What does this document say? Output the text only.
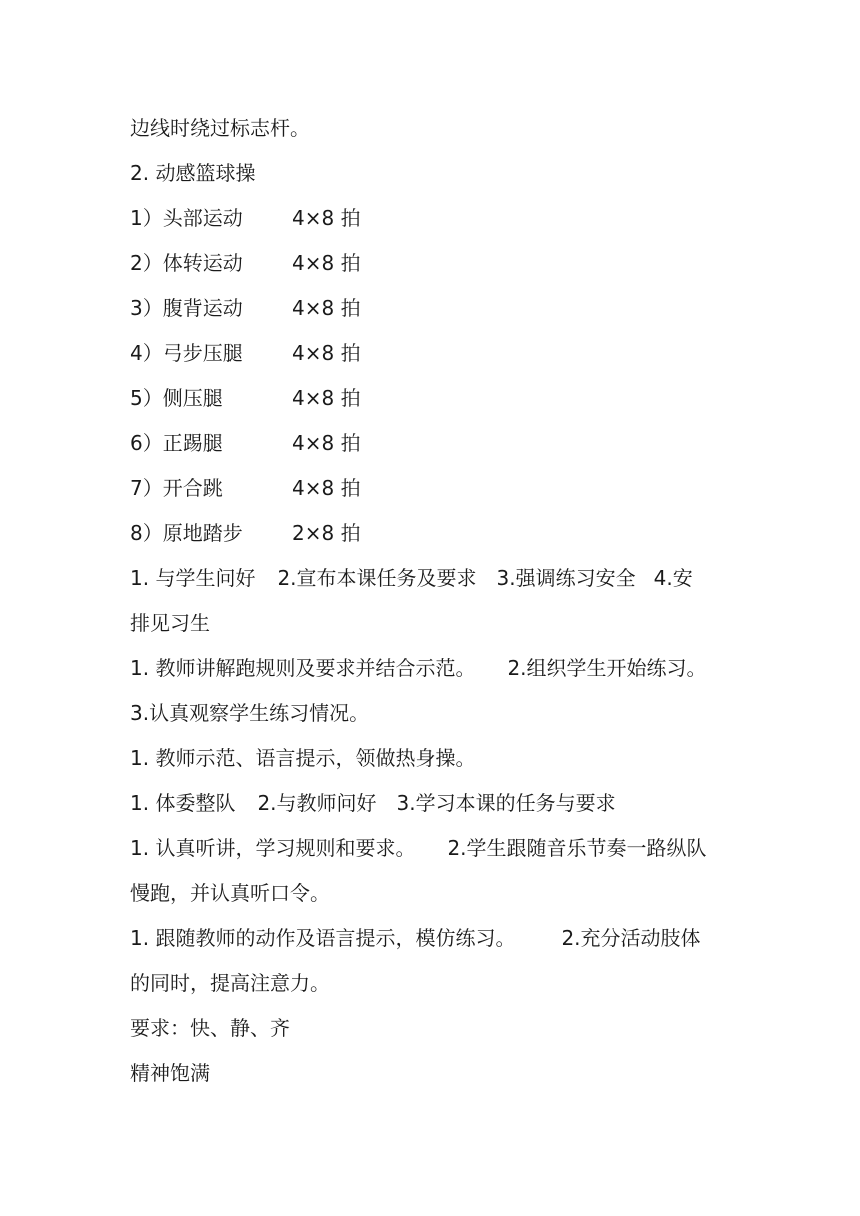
边线时绕过标志杆。
2. 动感篮球操
1）头部运动	4×8 拍
2）体转运动	4×8 拍
3）腹背运动	4×8 拍
4）弓步压腿	4×8 拍
5）侧压腿	4×8 拍
6）正踢腿	4×8 拍
7）开合跳	4×8 拍
8）原地踏步	2×8 拍
1. 与学生问好 2.宣布本课任务及要求 3.强调练习安全 4.安
排见习生
1. 教师讲解跑规则及要求并结合示范。 2.组织学生开始练习。
3.认真观察学生练习情况。
1. 教师示范、语言提示，领做热身操。
1. 体委整队 2.与教师问好 3.学习本课的任务与要求
1. 认真听讲，学习规则和要求。 2.学生跟随音乐节奏一路纵队
慢跑，并认真听口令。
1. 跟随教师的动作及语言提示，模仿练习。 2.充分活动肢体
的同时，提高注意力。
要求：快、静、齐
精神饱满
